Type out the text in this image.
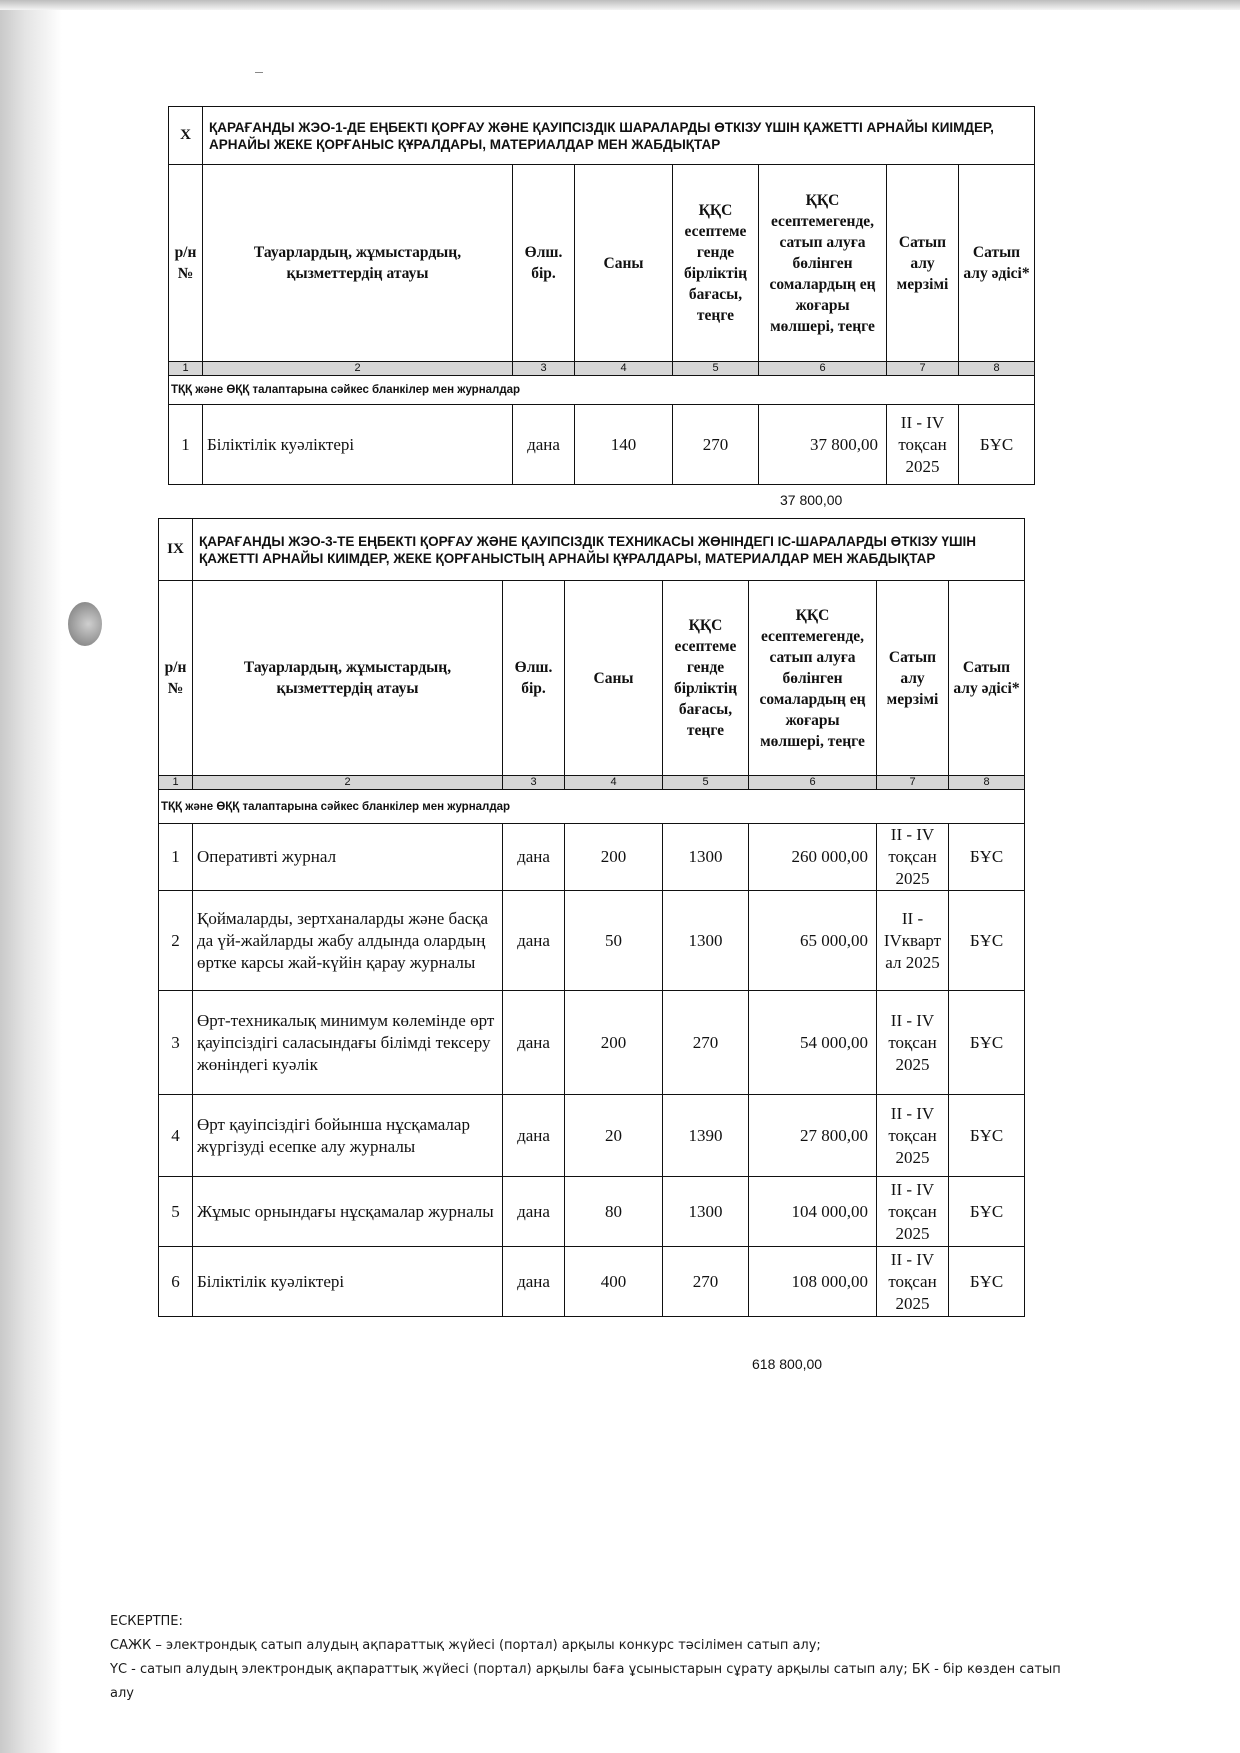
X	ҚАРАҒАНДЫ ЖЭО-1-ДЕ ЕҢБЕКТІ ҚОРҒАУ ЖӘНЕ ҚАУІПСІЗДІК ШАРАЛАРДЫ ӨТКІЗУ ҮШІН ҚАЖЕТТІ АРНАЙЫ КИІМДЕР, АРНАЙЫ ЖЕКЕ ҚОРҒАНЫС ҚҰРАЛДАРЫ, МАТЕРИАЛДАР МЕН ЖАБДЫҚТАР						
р/н №	Тауарлардың, жұмыстардың, қызметтердің атауы	Өлш. бір.	Саны	ҚҚС есептеме генде бірліктің бағасы, теңге	ҚҚС есептемегенде, сатып алуға бөлінген сомалардың ең жоғары мөлшері, теңге	Сатып алу мерзімі	Сатып алу әдісі*
1	2	3	4	5	6	7	8
ТҚҚ және ӨҚҚ талаптарына сәйкес бланкілер мен журналдар							
1	Біліктілік куәліктері	дана	140	270	37 800,00	II - IV тоқсан 2025	БҰС
37 800,00
IX	ҚАРАҒАНДЫ ЖЭО-3-ТЕ ЕҢБЕКТІ ҚОРҒАУ ЖӘНЕ ҚАУІПСІЗДІК ТЕХНИКАСЫ ЖӨНІНДЕГІ ІС-ШАРАЛАРДЫ ӨТКІЗУ ҮШІН ҚАЖЕТТІ АРНАЙЫ КИІМДЕР, ЖЕКЕ ҚОРҒАНЫСТЫҢ АРНАЙЫ ҚҰРАЛДАРЫ, МАТЕРИАЛДАР МЕН ЖАБДЫҚТАР						
р/н №	Тауарлардың, жұмыстардың, қызметтердің атауы	Өлш. бір.	Саны	ҚҚС есептеме генде бірліктің бағасы, теңге	ҚҚС есептемегенде, сатып алуға бөлінген сомалардың ең жоғары мөлшері, теңге	Сатып алу мерзімі	Сатып алу әдісі*
1	2	3	4	5	6	7	8
ТҚҚ және ӨҚҚ талаптарына сәйкес бланкілер мен журналдар							
1	Оперативті журнал	дана	200	1300	260 000,00	II - IV тоқсан 2025	БҰС
2	Қоймаларды, зертханаларды және басқа да үй-жайларды жабу алдында олардың өртке карсы жай-күйін қарау журналы	дана	50	1300	65 000,00	II - IVкварт ал 2025	БҰС
3	Өрт-техникалық минимум көлемінде өрт қауіпсіздігі саласындағы білімді тексеру жөніндегі куәлік	дана	200	270	54 000,00	II - IV тоқсан 2025	БҰС
4	Өрт қауіпсіздігі бойынша нұсқамалар жүргізуді есепке алу журналы	дана	20	1390	27 800,00	II - IV тоқсан 2025	БҰС
5	Жұмыс орнындағы нұсқамалар журналы	дана	80	1300	104 000,00	II - IV тоқсан 2025	БҰС
6	Біліктілік куәліктері	дана	400	270	108 000,00	II - IV тоқсан 2025	БҰС
618 800,00
ЕСКЕРТПЕ:
САЖК – электрондық сатып алудың ақпараттық жүйесі (портал) арқылы конкурс тәсілімен сатып алу;
ҮС - сатып алудың электрондық ақпараттық жүйесі (портал) арқылы баға ұсыныстарын сұрату арқылы сатып алу; БК - бір көзден сатып
алу
